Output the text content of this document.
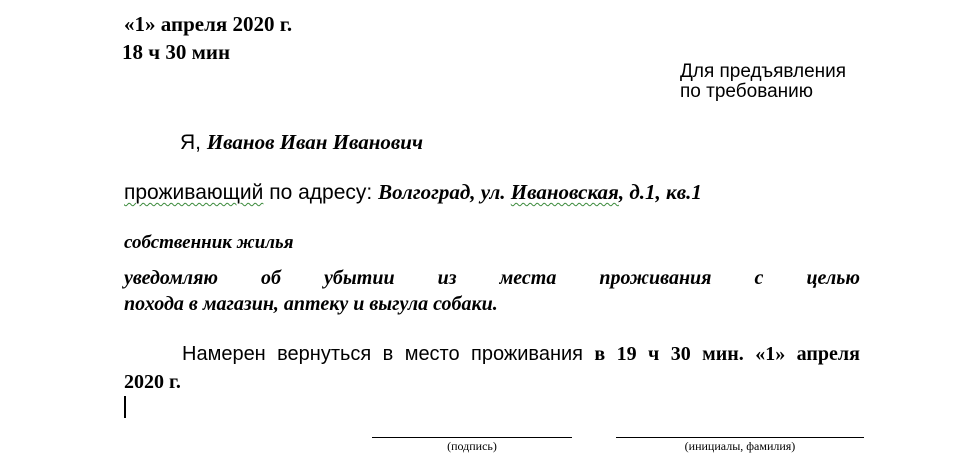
«1» апреля 2020 г.
18 ч 30 мин
Для предъявления
по требованию
Я, Иванов Иван Иванович
проживающий по адресу: Волгоград, ул. Ивановская, д.1, кв.1
собственник жилья
уведомляю об убытии из места проживания с целью
похода в магазин, аптеку и выгула собаки.
Намерен вернуться в место проживания в 19 ч 30 мин. «1» апреля
2020 г.
(подпись)	(инициалы, фамилия)
